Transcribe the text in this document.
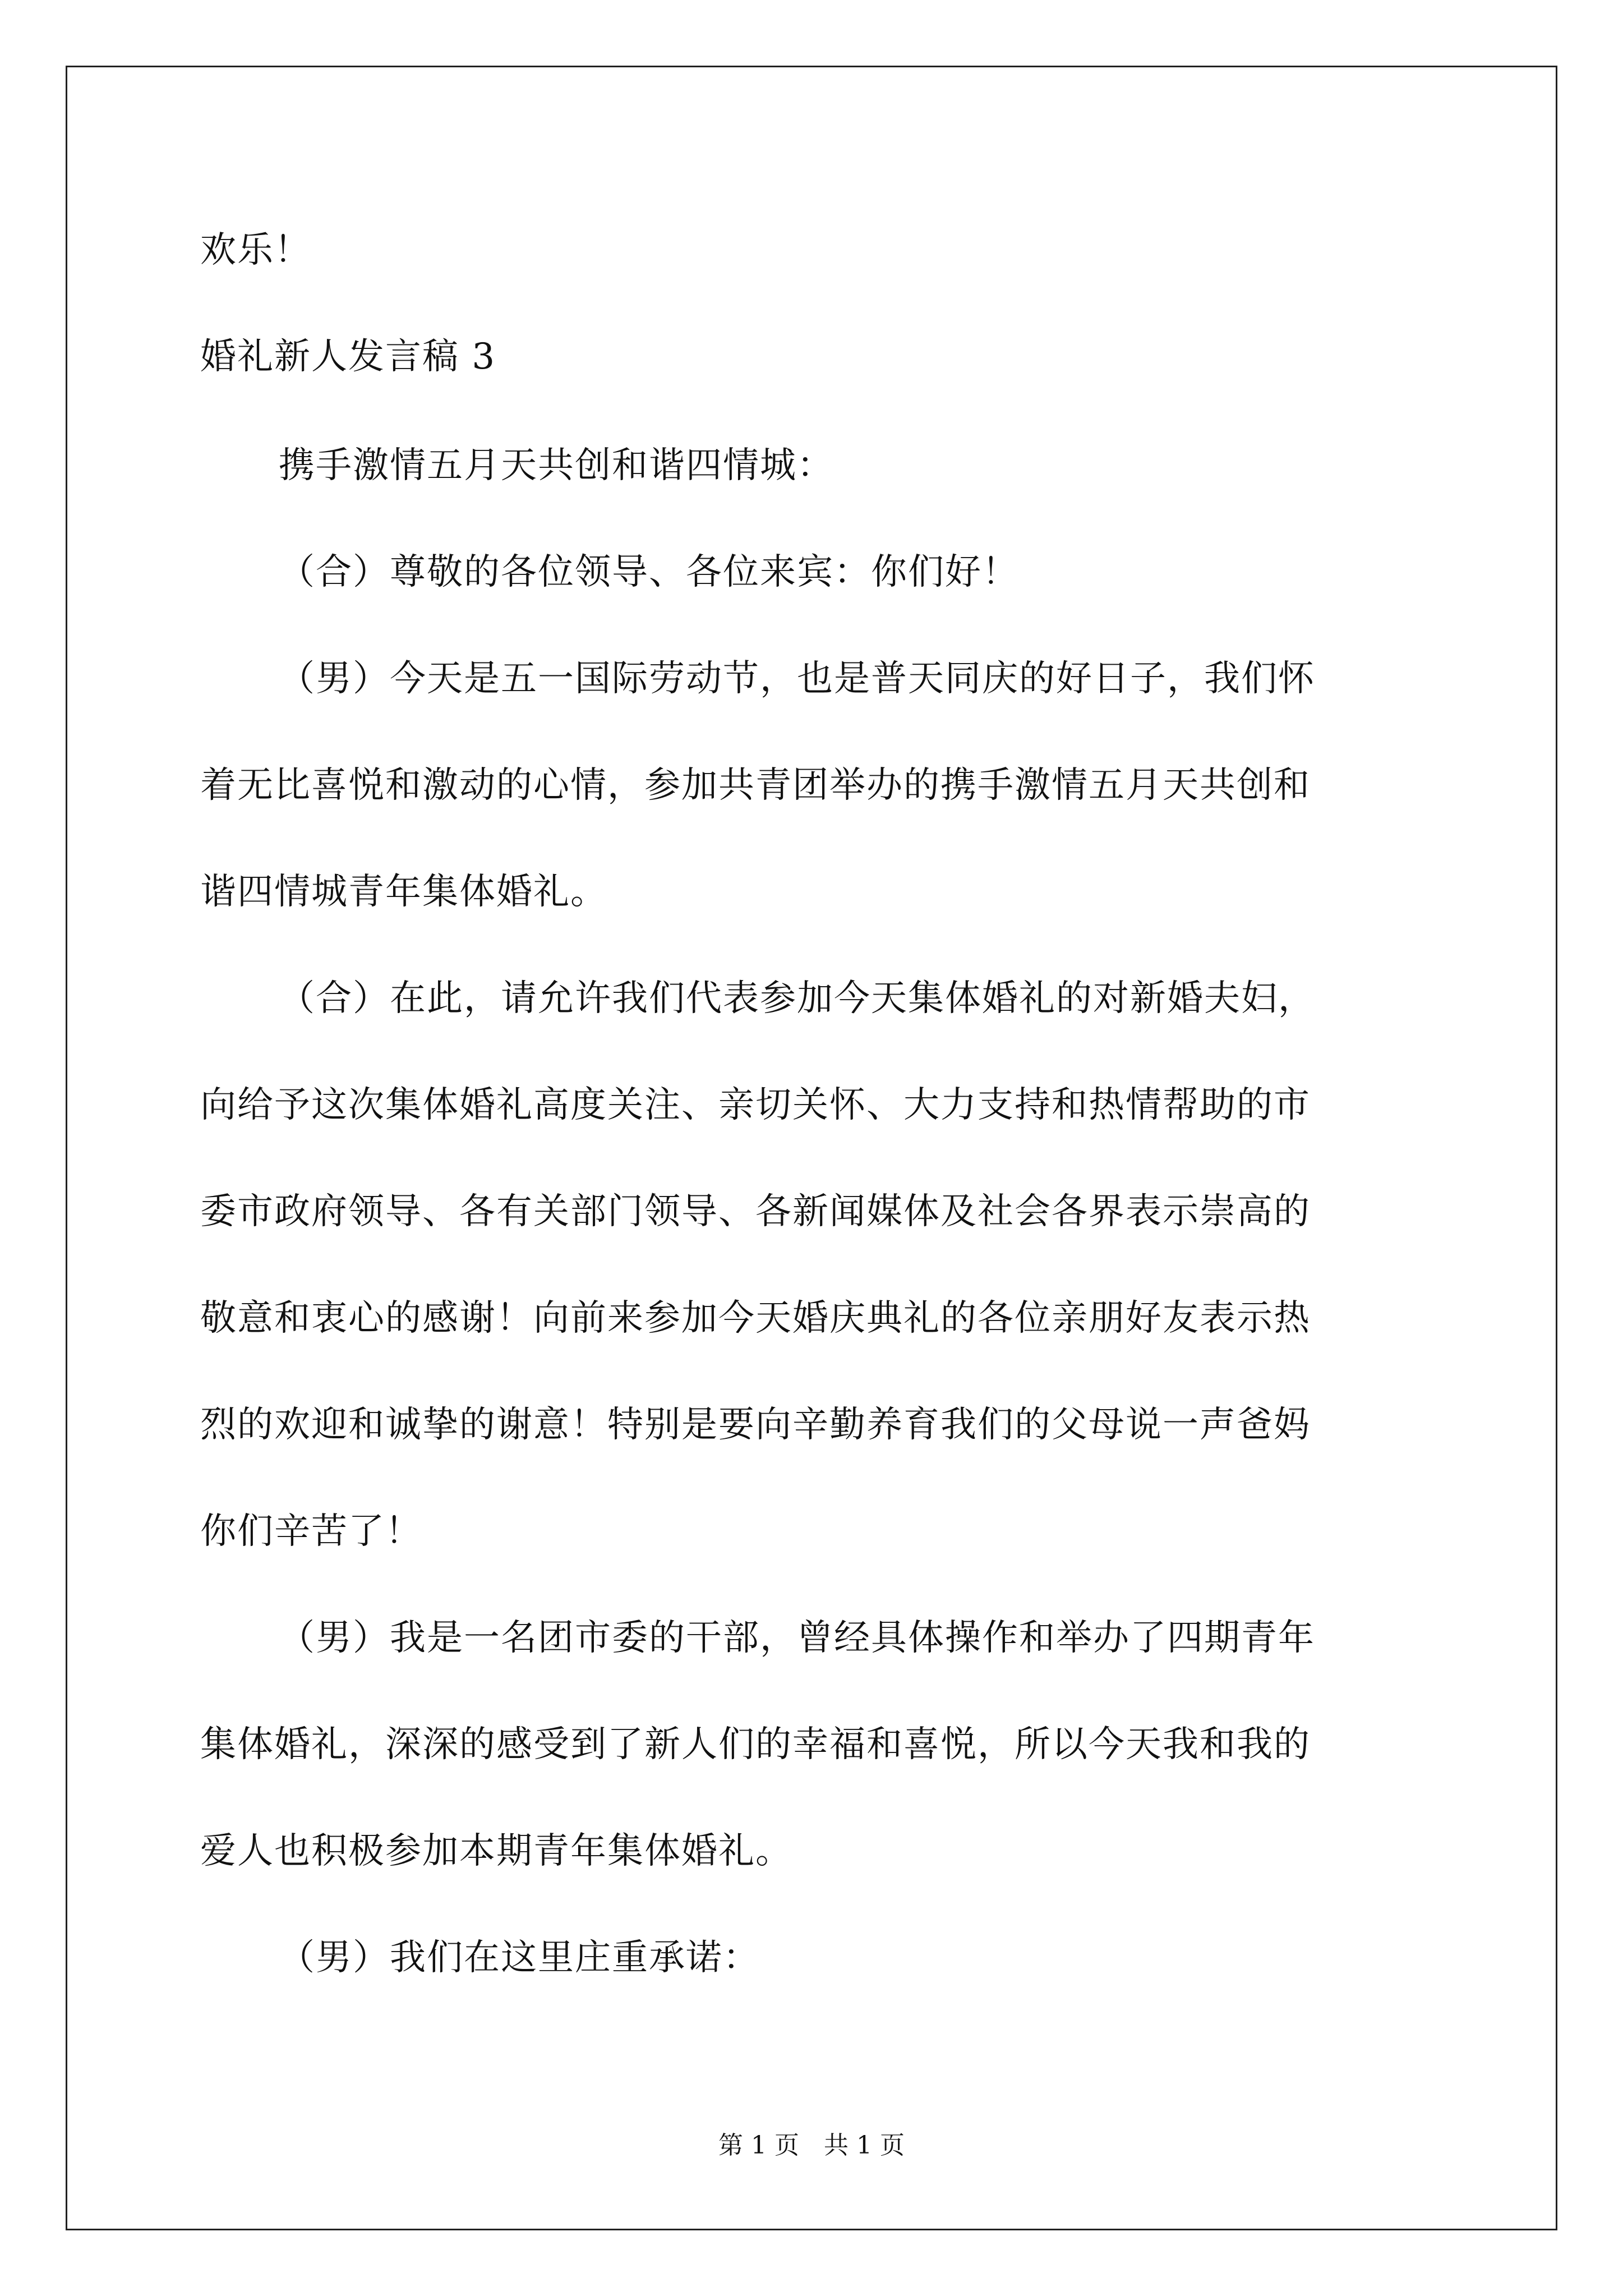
欢乐！
婚礼新人发言稿 3
携手激情五月天共创和谐四情城：
（合）尊敬的各位领导、各位来宾：你们好！
（男）今天是五一国际劳动节，也是普天同庆的好日子，我们怀
着无比喜悦和激动的心情，参加共青团举办的携手激情五月天共创和
谐四情城青年集体婚礼。
（合）在此，请允许我们代表参加今天集体婚礼的对新婚夫妇，
向给予这次集体婚礼高度关注、亲切关怀、大力支持和热情帮助的市
委市政府领导、各有关部门领导、各新闻媒体及社会各界表示崇高的
敬意和衷心的感谢！向前来参加今天婚庆典礼的各位亲朋好友表示热
烈的欢迎和诚挚的谢意！特别是要向辛勤养育我们的父母说一声爸妈
你们辛苦了！
（男）我是一名团市委的干部，曾经具体操作和举办了四期青年
集体婚礼，深深的感受到了新人们的幸福和喜悦，所以今天我和我的
爱人也积极参加本期青年集体婚礼。
（男）我们在这里庄重承诺：
第 1 页　共 1 页
